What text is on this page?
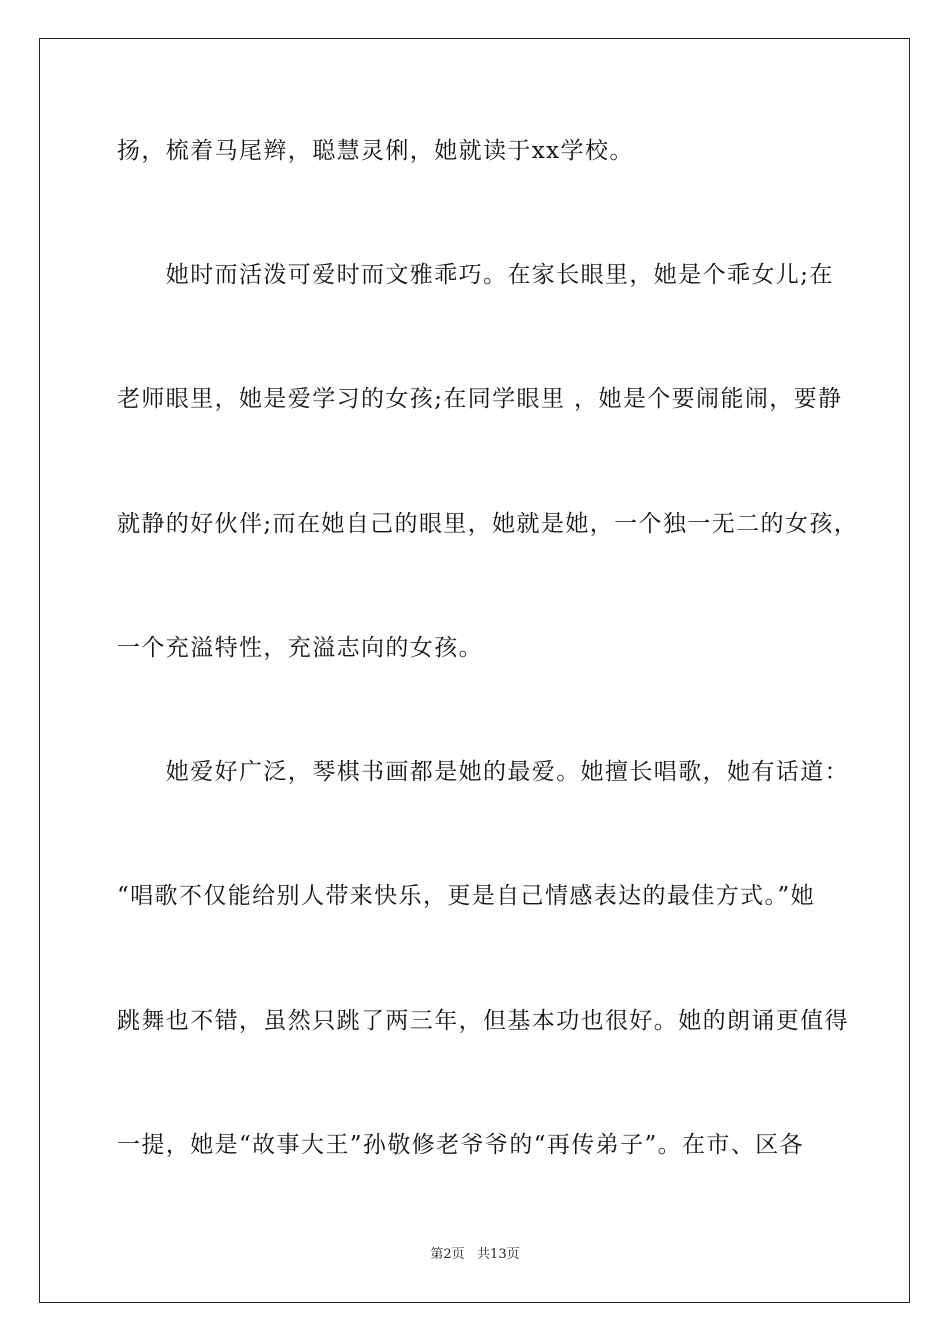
扬，梳着马尾辫，聪慧灵俐，她就读于xx学校。
　　她时而活泼可爱时而文雅乖巧。在家长眼里，她是个乖女儿;在
老师眼里，她是爱学习的女孩;在同学眼里 ，她是个要闹能闹，要静
就静的好伙伴;而在她自己的眼里，她就是她，一个独一无二的女孩，
一个充溢特性，充溢志向的女孩。
　　她爱好广泛，琴棋书画都是她的最爱。她擅长唱歌，她有话道：
“唱歌不仅能给别人带来快乐，更是自己情感表达的最佳方式。”她
跳舞也不错，虽然只跳了两三年，但基本功也很好。她的朗诵更值得
一提，她是“故事大王”孙敬修老爷爷的“再传弟子”。在市、区各
第2页   共13页
